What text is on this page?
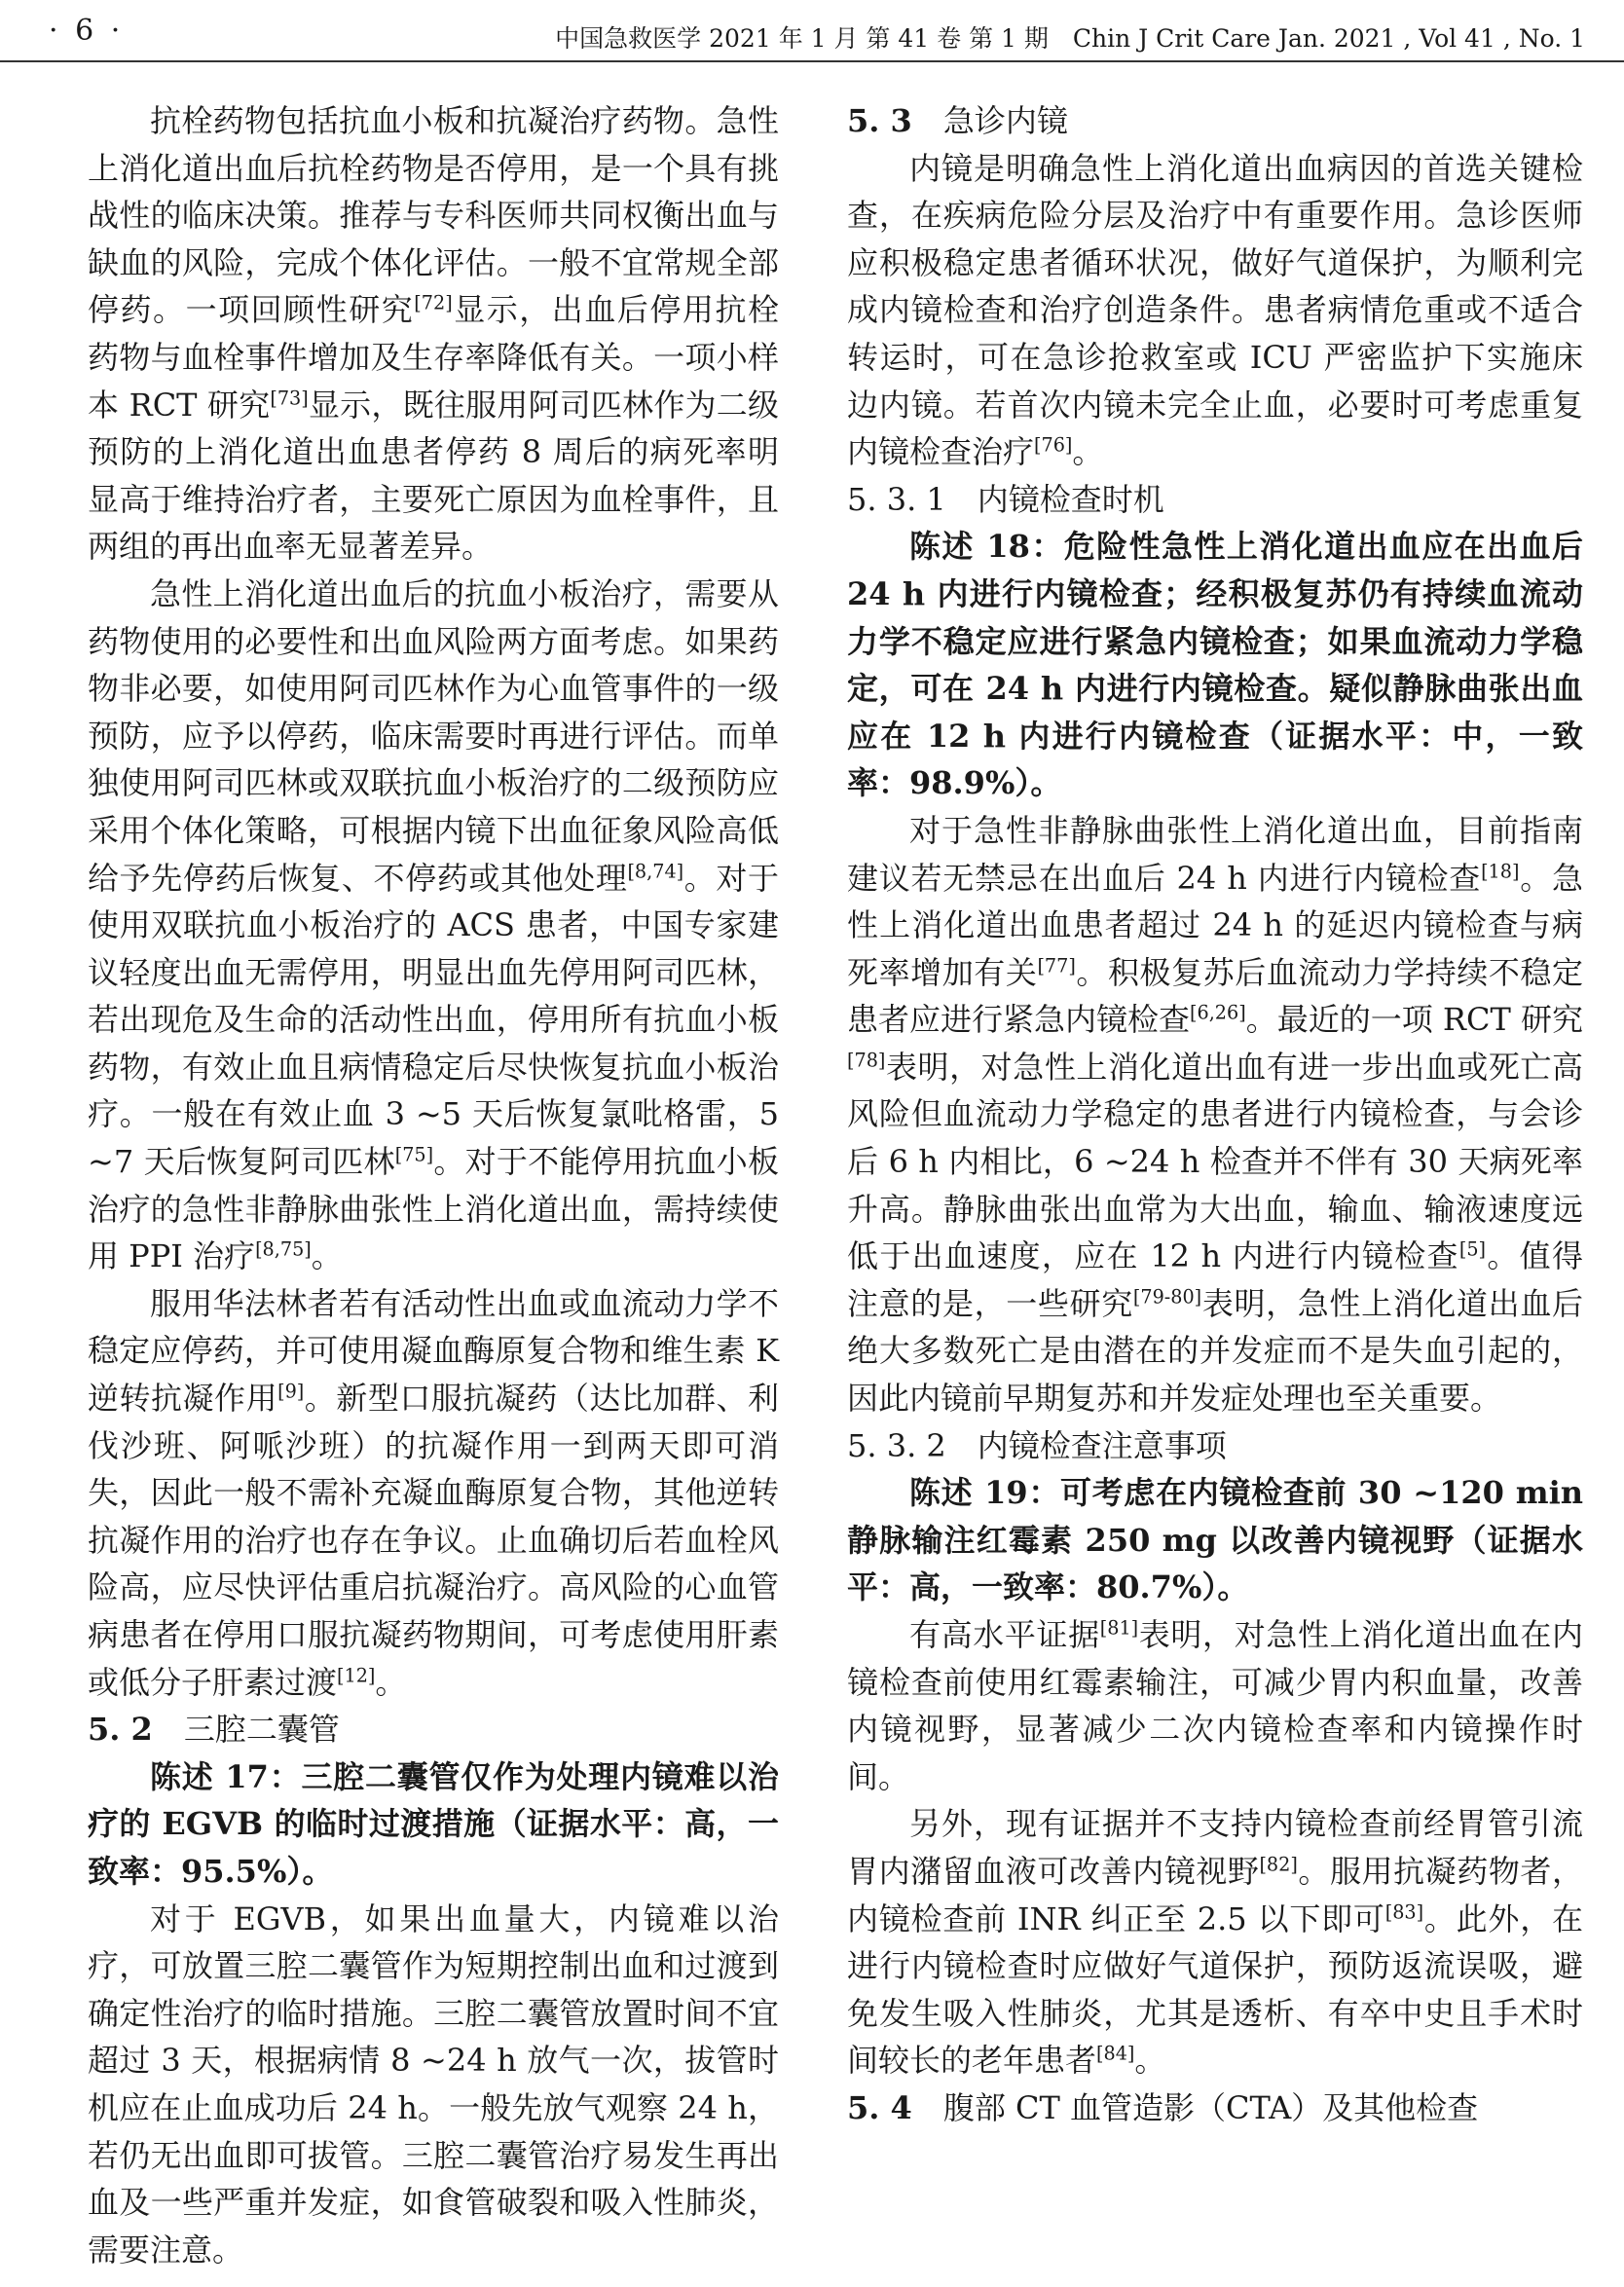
· 6 ·	中国急救医学 2021 年 1 月 第 41 卷 第 1 期　Chin J Crit Care Jan. 2021 , Vol 41 , No. 1

抗栓药物包括抗血小板和抗凝治疗药物。急性上消化道出血后抗栓药物是否停用，是一个具有挑战性的临床决策。推荐与专科医师共同权衡出血与缺血的风险，完成个体化评估。一般不宜常规全部停药。一项回顾性研究[72]显示，出血后停用抗栓药物与血栓事件增加及生存率降低有关。一项小样本 RCT 研究[73]显示，既往服用阿司匹林作为二级预防的上消化道出血患者停药 8 周后的病死率明显高于维持治疗者，主要死亡原因为血栓事件，且两组的再出血率无显著差异。

急性上消化道出血后的抗血小板治疗，需要从药物使用的必要性和出血风险两方面考虑。如果药物非必要，如使用阿司匹林作为心血管事件的一级预防，应予以停药，临床需要时再进行评估。而单独使用阿司匹林或双联抗血小板治疗的二级预防应采用个体化策略，可根据内镜下出血征象风险高低给予先停药后恢复、不停药或其他处理[8,74]。对于使用双联抗血小板治疗的 ACS 患者，中国专家建议轻度出血无需停用，明显出血先停用阿司匹林，若出现危及生命的活动性出血，停用所有抗血小板药物，有效止血且病情稳定后尽快恢复抗血小板治疗。一般在有效止血 3 ~5 天后恢复氯吡格雷，5 ~7 天后恢复阿司匹林[75]。对于不能停用抗血小板治疗的急性非静脉曲张性上消化道出血，需持续使用 PPI 治疗[8,75]。

服用华法林者若有活动性出血或血流动力学不稳定应停药，并可使用凝血酶原复合物和维生素 K 逆转抗凝作用[9]。新型口服抗凝药（达比加群、利伐沙班、阿哌沙班）的抗凝作用一到两天即可消失，因此一般不需补充凝血酶原复合物，其他逆转抗凝作用的治疗也存在争议。止血确切后若血栓风险高，应尽快评估重启抗凝治疗。高风险的心血管病患者在停用口服抗凝药物期间，可考虑使用肝素或低分子肝素过渡[12]。

5. 2 三腔二囊管

陈述 17：三腔二囊管仅作为处理内镜难以治疗的 EGVB 的临时过渡措施（证据水平：高，一致率：95.5%）。

对于 EGVB，如果出血量大，内镜难以治疗，可放置三腔二囊管作为短期控制出血和过渡到确定性治疗的临时措施。三腔二囊管放置时间不宜超过 3 天，根据病情 8 ~24 h 放气一次，拔管时机应在止血成功后 24 h。一般先放气观察 24 h，若仍无出血即可拔管。三腔二囊管治疗易发生再出血及一些严重并发症，如食管破裂和吸入性肺炎，需要注意。

5. 3 急诊内镜

内镜是明确急性上消化道出血病因的首选关键检查，在疾病危险分层及治疗中有重要作用。急诊医师应积极稳定患者循环状况，做好气道保护，为顺利完成内镜检查和治疗创造条件。患者病情危重或不适合转运时，可在急诊抢救室或 ICU 严密监护下实施床边内镜。若首次内镜未完全止血，必要时可考虑重复内镜检查治疗[76]。

5. 3. 1 内镜检查时机

陈述 18：危险性急性上消化道出血应在出血后 24 h 内进行内镜检查；经积极复苏仍有持续血流动力学不稳定应进行紧急内镜检查；如果血流动力学稳定，可在 24 h 内进行内镜检查。疑似静脉曲张出血应在 12 h 内进行内镜检查（证据水平：中，一致率：98.9%）。

对于急性非静脉曲张性上消化道出血，目前指南建议若无禁忌在出血后 24 h 内进行内镜检查[18]。急性上消化道出血患者超过 24 h 的延迟内镜检查与病死率增加有关[77]。积极复苏后血流动力学持续不稳定患者应进行紧急内镜检查[6,26]。最近的一项 RCT 研究[78]表明，对急性上消化道出血有进一步出血或死亡高风险但血流动力学稳定的患者进行内镜检查，与会诊后 6 h 内相比，6 ~24 h 检查并不伴有 30 天病死率升高。静脉曲张出血常为大出血，输血、输液速度远低于出血速度，应在 12 h 内进行内镜检查[5]。值得注意的是，一些研究[79-80]表明，急性上消化道出血后绝大多数死亡是由潜在的并发症而不是失血引起的，因此内镜前早期复苏和并发症处理也至关重要。

5. 3. 2 内镜检查注意事项

陈述 19：可考虑在内镜检查前 30 ~120 min 静脉输注红霉素 250 mg 以改善内镜视野（证据水平：高，一致率：80.7%）。

有高水平证据[81]表明，对急性上消化道出血在内镜检查前使用红霉素输注，可减少胃内积血量，改善内镜视野，显著减少二次内镜检查率和内镜操作时间。

另外，现有证据并不支持内镜检查前经胃管引流胃内潴留血液可改善内镜视野[82]。服用抗凝药物者，内镜检查前 INR 纠正至 2.5 以下即可[83]。此外，在进行内镜检查时应做好气道保护，预防返流误吸，避免发生吸入性肺炎，尤其是透析、有卒中史且手术时间较长的老年患者[84]。

5. 4 腹部 CT 血管造影（CTA）及其他检查
